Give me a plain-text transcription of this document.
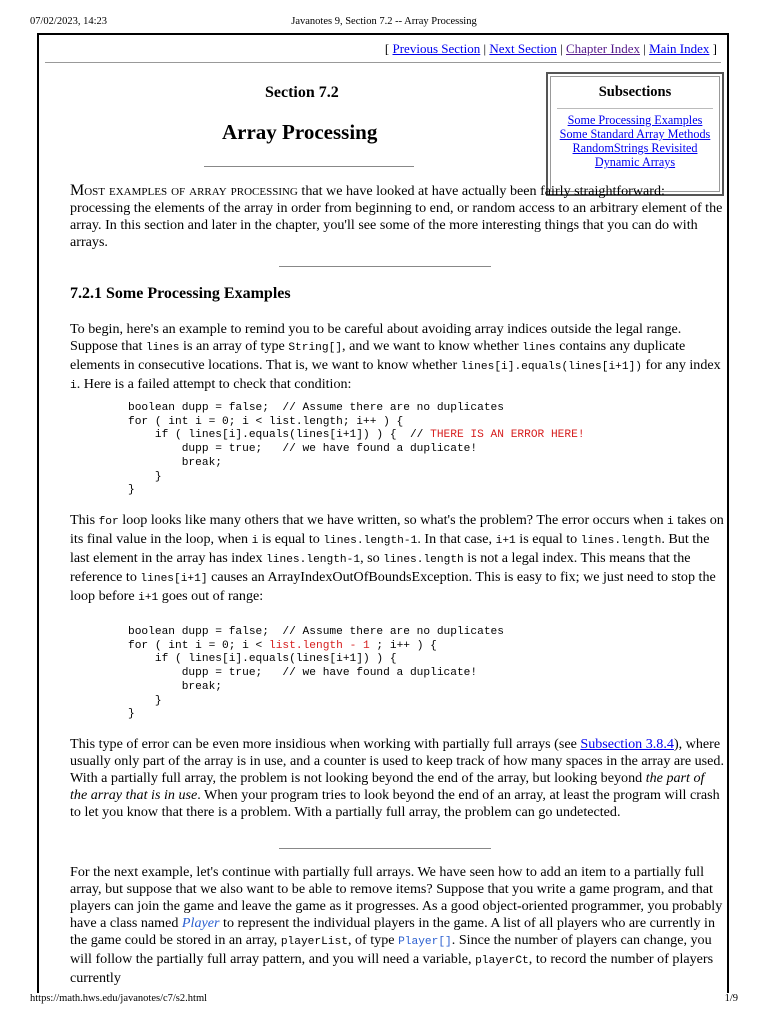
07/02/2023, 14:23	Javanotes 9, Section 7.2 -- Array Processing
[ Previous Section | Next Section | Chapter Index | Main Index ]
Subsections
Some Processing Examples
Some Standard Array Methods
RandomStrings Revisited
Dynamic Arrays
Section 7.2
Array Processing

Most examples of array processing that we have looked at have actually been fairly straightforward: processing the elements of the array in order from beginning to end, or random access to an arbitrary element of the array. In this section and later in the chapter, you'll see some of the more interesting things that you can do with arrays.

7.2.1 Some Processing Examples

To begin, here's an example to remind you to be careful about avoiding array indices outside the legal range. Suppose that lines is an array of type String[], and we want to know whether lines contains any duplicate elements in consecutive locations. That is, we want to know whether lines[i].equals(lines[i+1]) for any index i. Here is a failed attempt to check that condition:

boolean dupp = false;  // Assume there are no duplicates
for ( int i = 0; i < list.length; i++ ) {
if ( lines[i].equals(lines[i+1]) ) {  // THERE IS AN ERROR HERE!
dupp = true;   // we have found a duplicate!
break;
}
}

This for loop looks like many others that we have written, so what's the problem? The error occurs when i takes on its final value in the loop, when i is equal to lines.length-1. In that case, i+1 is equal to lines.length. But the last element in the array has index lines.length-1, so lines.length is not a legal index. This means that the reference to lines[i+1] causes an ArrayIndexOutOfBoundsException. This is easy to fix; we just need to stop the loop before i+1 goes out of range:

boolean dupp = false;  // Assume there are no duplicates
for ( int i = 0; i < list.length - 1 ; i++ ) {
if ( lines[i].equals(lines[i+1]) ) {
dupp = true;   // we have found a duplicate!
break;
}
}

This type of error can be even more insidious when working with partially full arrays (see Subsection 3.8.4), where usually only part of the array is in use, and a counter is used to keep track of how many spaces in the array are used. With a partially full array, the problem is not looking beyond the end of the array, but looking beyond the part of the array that is in use. When your program tries to look beyond the end of an array, at least the program will crash to let you know that there is a problem. With a partially full array, the problem can go undetected.

For the next example, let's continue with partially full arrays. We have seen how to add an item to a partially full array, but suppose that we also want to be able to remove items? Suppose that you write a game program, and that players can join the game and leave the game as it progresses. As a good object-oriented programmer, you probably have a class named Player to represent the individual players in the game. A list of all players who are currently in the game could be stored in an array, playerList, of type Player[]. Since the number of players can change, you will follow the partially full array pattern, and you will need a variable, playerCt, to record the number of players currently

https://math.hws.edu/javanotes/c7/s2.html	1/9
